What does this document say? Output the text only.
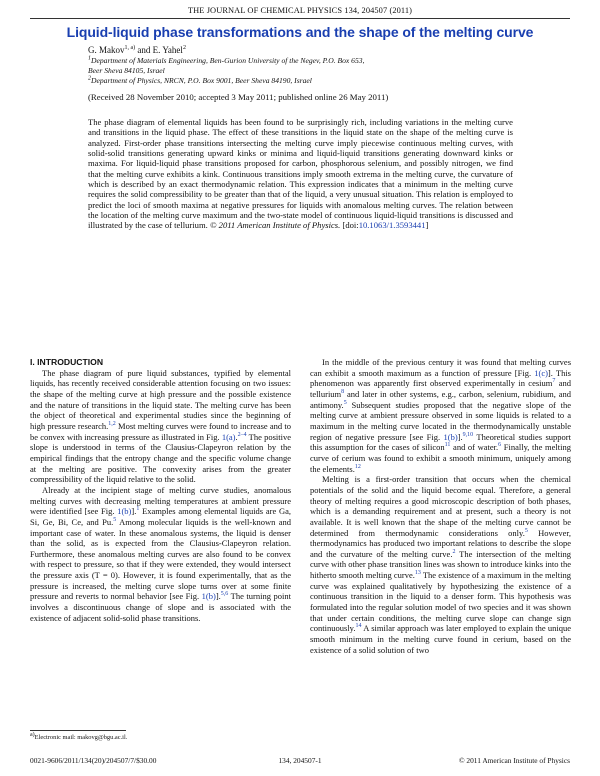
THE JOURNAL OF CHEMICAL PHYSICS 134, 204507 (2011)
Liquid-liquid phase transformations and the shape of the melting curve
G. Makov$^{1, a)}$ and E. Yahel$^2$
$^1$Department of Materials Engineering, Ben-Gurion University of the Negev, P.O. Box 653,
Beer Sheva 84105, Israel
$^2$Department of Physics, NRCN, P.O. Box 9001, Beer Sheva 84190, Israel
(Received 28 November 2010; accepted 3 May 2011; published online 26 May 2011)
The phase diagram of elemental liquids has been found to be surprisingly rich, including variations in the melting curve and transitions in the liquid phase. The effect of these transitions in the liquid state on the shape of the melting curve is analyzed. First-order phase transitions intersecting the melting curve imply piecewise continuous melting curves, with solid-solid transitions generating upward kinks or minima and liquid-liquid transitions generating downward kinks or maxima. For liquid-liquid phase transitions proposed for carbon, phosphorous selenium, and possibly nitrogen, we find that the melting curve exhibits a kink. Continuous transitions imply smooth extrema in the melting curve, the curvature of which is described by an exact thermodynamic relation. This expression indicates that a minimum in the melting curve requires the solid compressibility to be greater than that of the liquid, a very unusual situation. This relation is employed to predict the loci of smooth maxima at negative pressures for liquids with anomalous melting curves. The relation between the location of the melting curve maximum and the two-state model of continuous liquid-liquid transitions is discussed and illustrated by the case of tellurium. © 2011 American Institute of Physics. [doi:10.1063/1.3593441]

I. INTRODUCTION

The phase diagram of pure liquid substances, typified by elemental liquids, has recently received considerable attention focusing on two issues: the shape of the melting curve at high pressure and the possible existence and the nature of transitions in the liquid state. The melting curve has been the object of theoretical and experimental studies since the beginning of high pressure research.$^{1,2}$ Most melting curves were found to increase and to be convex with increasing pressure as illustrated in Fig. 1(a).$^{2-4}$ The positive slope is understood in terms of the Clausius-Clapeyron relation by the empirical findings that the entropy change and the specific volume change at the melting are positive. The convexity arises from the greater compressibility of the liquid relative to the solid.

Already at the incipient stage of melting curve studies, anomalous melting curves with decreasing melting temperatures at ambient pressure were identified [see Fig. 1(b)].$^1$ Examples among elemental liquids are Ga, Si, Ge, Bi, Ce, and Pu.$^5$ Among molecular liquids is the well-known and important case of water. In these anomalous systems, the liquid is denser than the solid, as is expected from the Clausius-Clapeyron relation. Furthermore, these anomalous melting curves are also found to be convex with respect to pressure, so that if they were extended, they would intersect the pressure axis (T = 0). However, it is found experimentally, that as the pressure is increased, the melting curve slope turns over at some finite pressure and reverts to normal behavior [see Fig. 1(b)].$^{5,6}$ The turning point involves a discontinuous change of slope and is associated with the existence of adjacent solid-solid phase transitions.

In the middle of the previous century it was found that melting curves can exhibit a smooth maximum as a function of pressure [Fig. 1(c)]. This phenomenon was apparently first observed experimentally in cesium$^7$ and tellurium$^8$ and later in other systems, e.g., carbon, selenium, rubidium, and antimony.$^5$ Subsequent studies proposed that the negative slope of the melting curve at ambient pressure observed in some liquids is related to a maximum in the melting curve located in the thermodynamically unstable region of negative pressure [see Fig. 1(b)].$^{9,10}$ Theoretical studies support this assumption for the cases of silicon$^{11}$ and of water.$^6$ Finally, the melting curve of cerium was found to exhibit a smooth minimum, uniquely among the elements.$^{12}$

Melting is a first-order transition that occurs when the chemical potentials of the solid and the liquid become equal. Therefore, a general theory of melting requires a good microscopic description of both phases, which is a demanding requirement and at present, such a theory is not available. It is well known that the shape of the melting curve cannot be determined from thermodynamic considerations only.$^5$ However, thermodynamics has produced two important relations to describe the slope and the curvature of the melting curve.$^2$ The intersection of the melting curve with other phase transition lines was shown to introduce kinks into the hitherto smooth melting curve.$^{13}$ The existence of a maximum in the melting curve was explained qualitatively by hypothesizing the existence of a continuous transition in the liquid to a denser form. This hypothesis was formulated into the regular solution model of two species and it was shown that under certain conditions, the melting curve slope can change sign continuously.$^{14}$ A similar approach was later employed to explain the unique smooth minimum in the melting curve found in cerium, based on the existence of a solid solution of two

$^{a)}$Electronic mail: makovg@bgu.ac.il.
0021-9606/2011/134(20)/204507/7/$30.00	134, 204507-1	© 2011 American Institute of Physics
